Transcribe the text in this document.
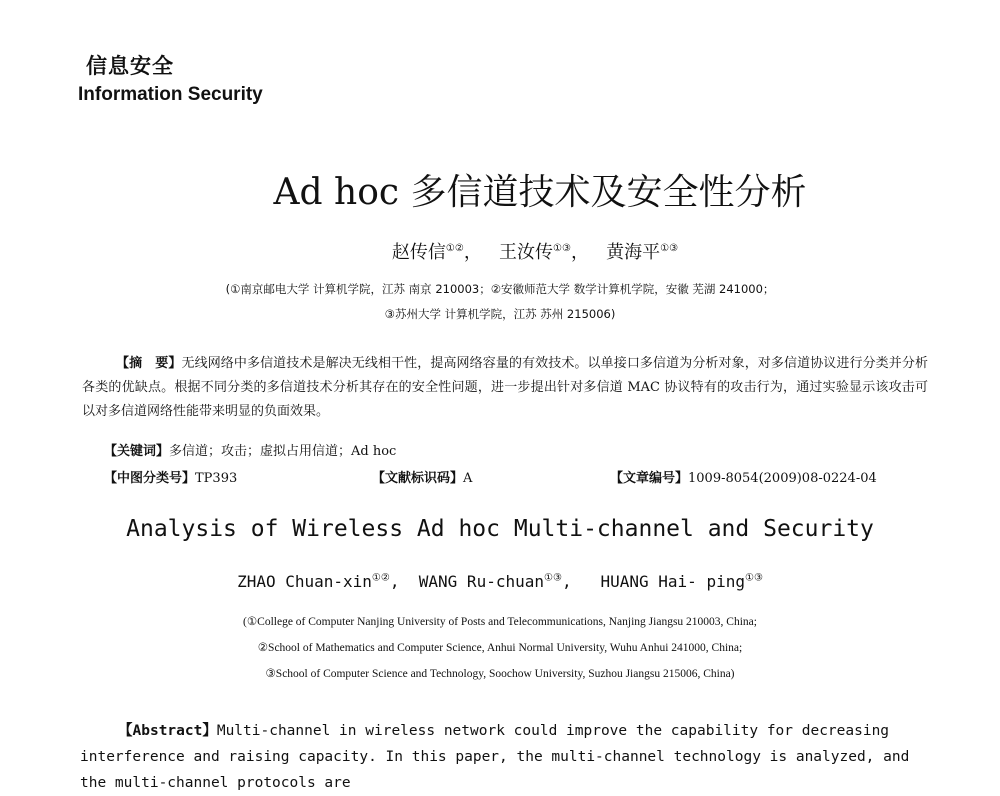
信息安全
Information Security
Ad hoc 多信道技术及安全性分析
赵传信①②， 王汝传①③， 黄海平①③
(①南京邮电大学 计算机学院，江苏 南京 210003；②安徽师范大学 数学计算机学院，安徽 芜湖 241000；
③苏州大学 计算机学院，江苏 苏州 215006)
【摘　要】无线网络中多信道技术是解决无线相干性，提高网络容量的有效技术。以单接口多信道为分析对象，对多信道协议进行分类并分析各类的优缺点。根据不同分类的多信道技术分析其存在的安全性问题，进一步提出针对多信道 MAC 协议特有的攻击行为，通过实验显示该攻击可以对多信道网络性能带来明显的负面效果。
【关键词】多信道；攻击；虚拟占用信道；Ad hoc
【中图分类号】TP393	【文献标识码】A	【文章编号】1009-8054(2009)08-0224-04
Analysis of Wireless Ad hoc Multi-channel and Security
ZHAO Chuan-xin①②, WANG Ru-chuan①③, HUANG Hai- ping①③
(①College of Computer Nanjing University of Posts and Telecommunications, Nanjing Jiangsu 210003, China;
②School of Mathematics and Computer Science, Anhui Normal University, Wuhu Anhui 241000, China;
③School of Computer Science and Technology, Soochow University, Suzhou Jiangsu 215006, China)
【Abstract】Multi-channel in wireless network could improve the capability for decreasing interference and raising capacity. In this paper, the multi-channel technology is analyzed, and the multi-channel protocols are
